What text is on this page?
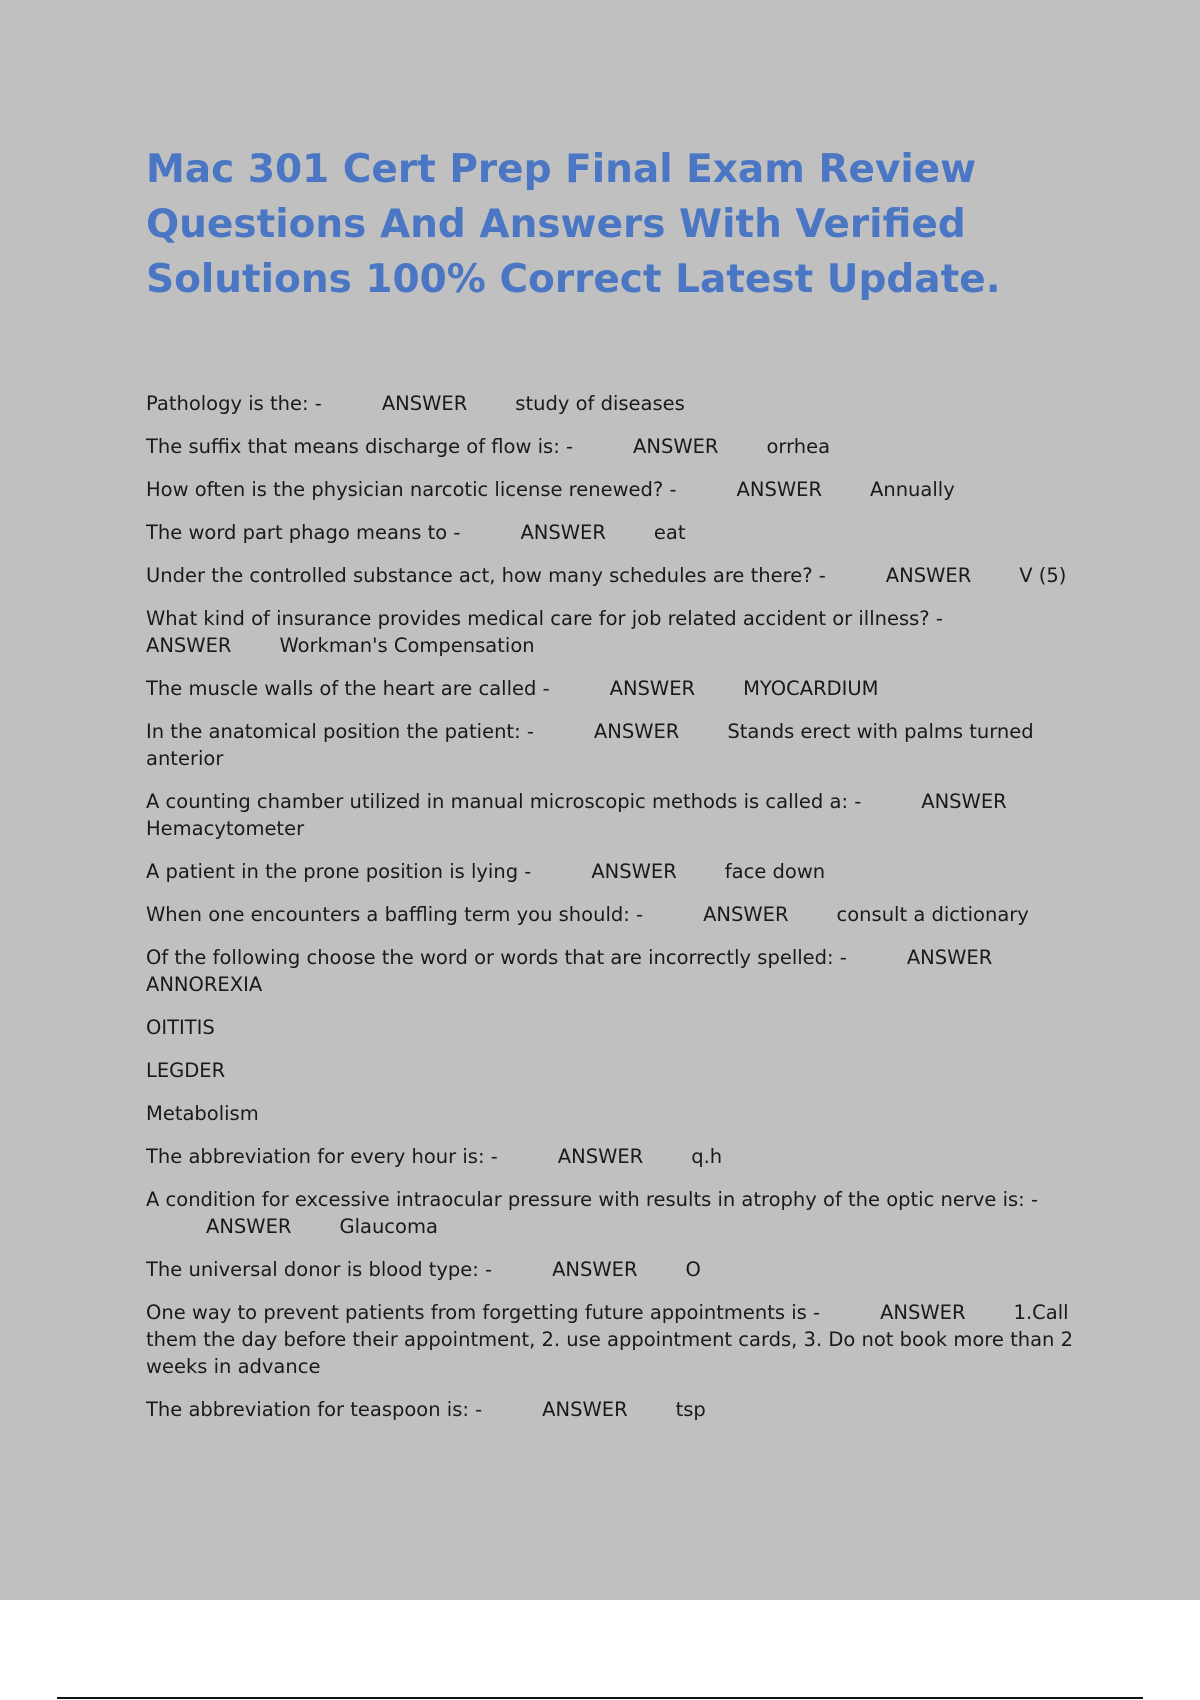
Mac 301 Cert Prep Final Exam Review Questions And Answers With Verified Solutions 100% Correct Latest Update.
Pathology is the: -	ANSWER study of diseases
The suffix that means discharge of flow is: -	ANSWER orrhea
How often is the physician narcotic license renewed? -	ANSWER Annually
The word part phago means to -	ANSWER eat
Under the controlled substance act, how many schedules are there? -	ANSWER V (5)
What kind of insurance provides medical care for job related accident or illness? -ANSWER Workman's Compensation
The muscle walls of the heart are called -	ANSWER MYOCARDIUM
In the anatomical position the patient: -	ANSWER Stands erect with palms turned anterior
A counting chamber utilized in manual microscopic methods is called a: -	ANSWERHemacytometer
A patient in the prone position is lying -	ANSWER face down
When one encounters a baffling term you should: -	ANSWER consult a dictionary
Of the following choose the word or words that are incorrectly spelled: -	ANSWERANNOREXIA
OITITIS
LEGDER
Metabolism
The abbreviation for every hour is: -	ANSWER q.h
A condition for excessive intraocular pressure with results in atrophy of the optic nerve is: -ANSWER Glaucoma
The universal donor is blood type: -	ANSWER O
One way to prevent patients from forgetting future appointments is -	ANSWER 1.Call them the day before their appointment, 2. use appointment cards, 3. Do not book more than 2 weeks in advance
The abbreviation for teaspoon is: -	ANSWER tsp
